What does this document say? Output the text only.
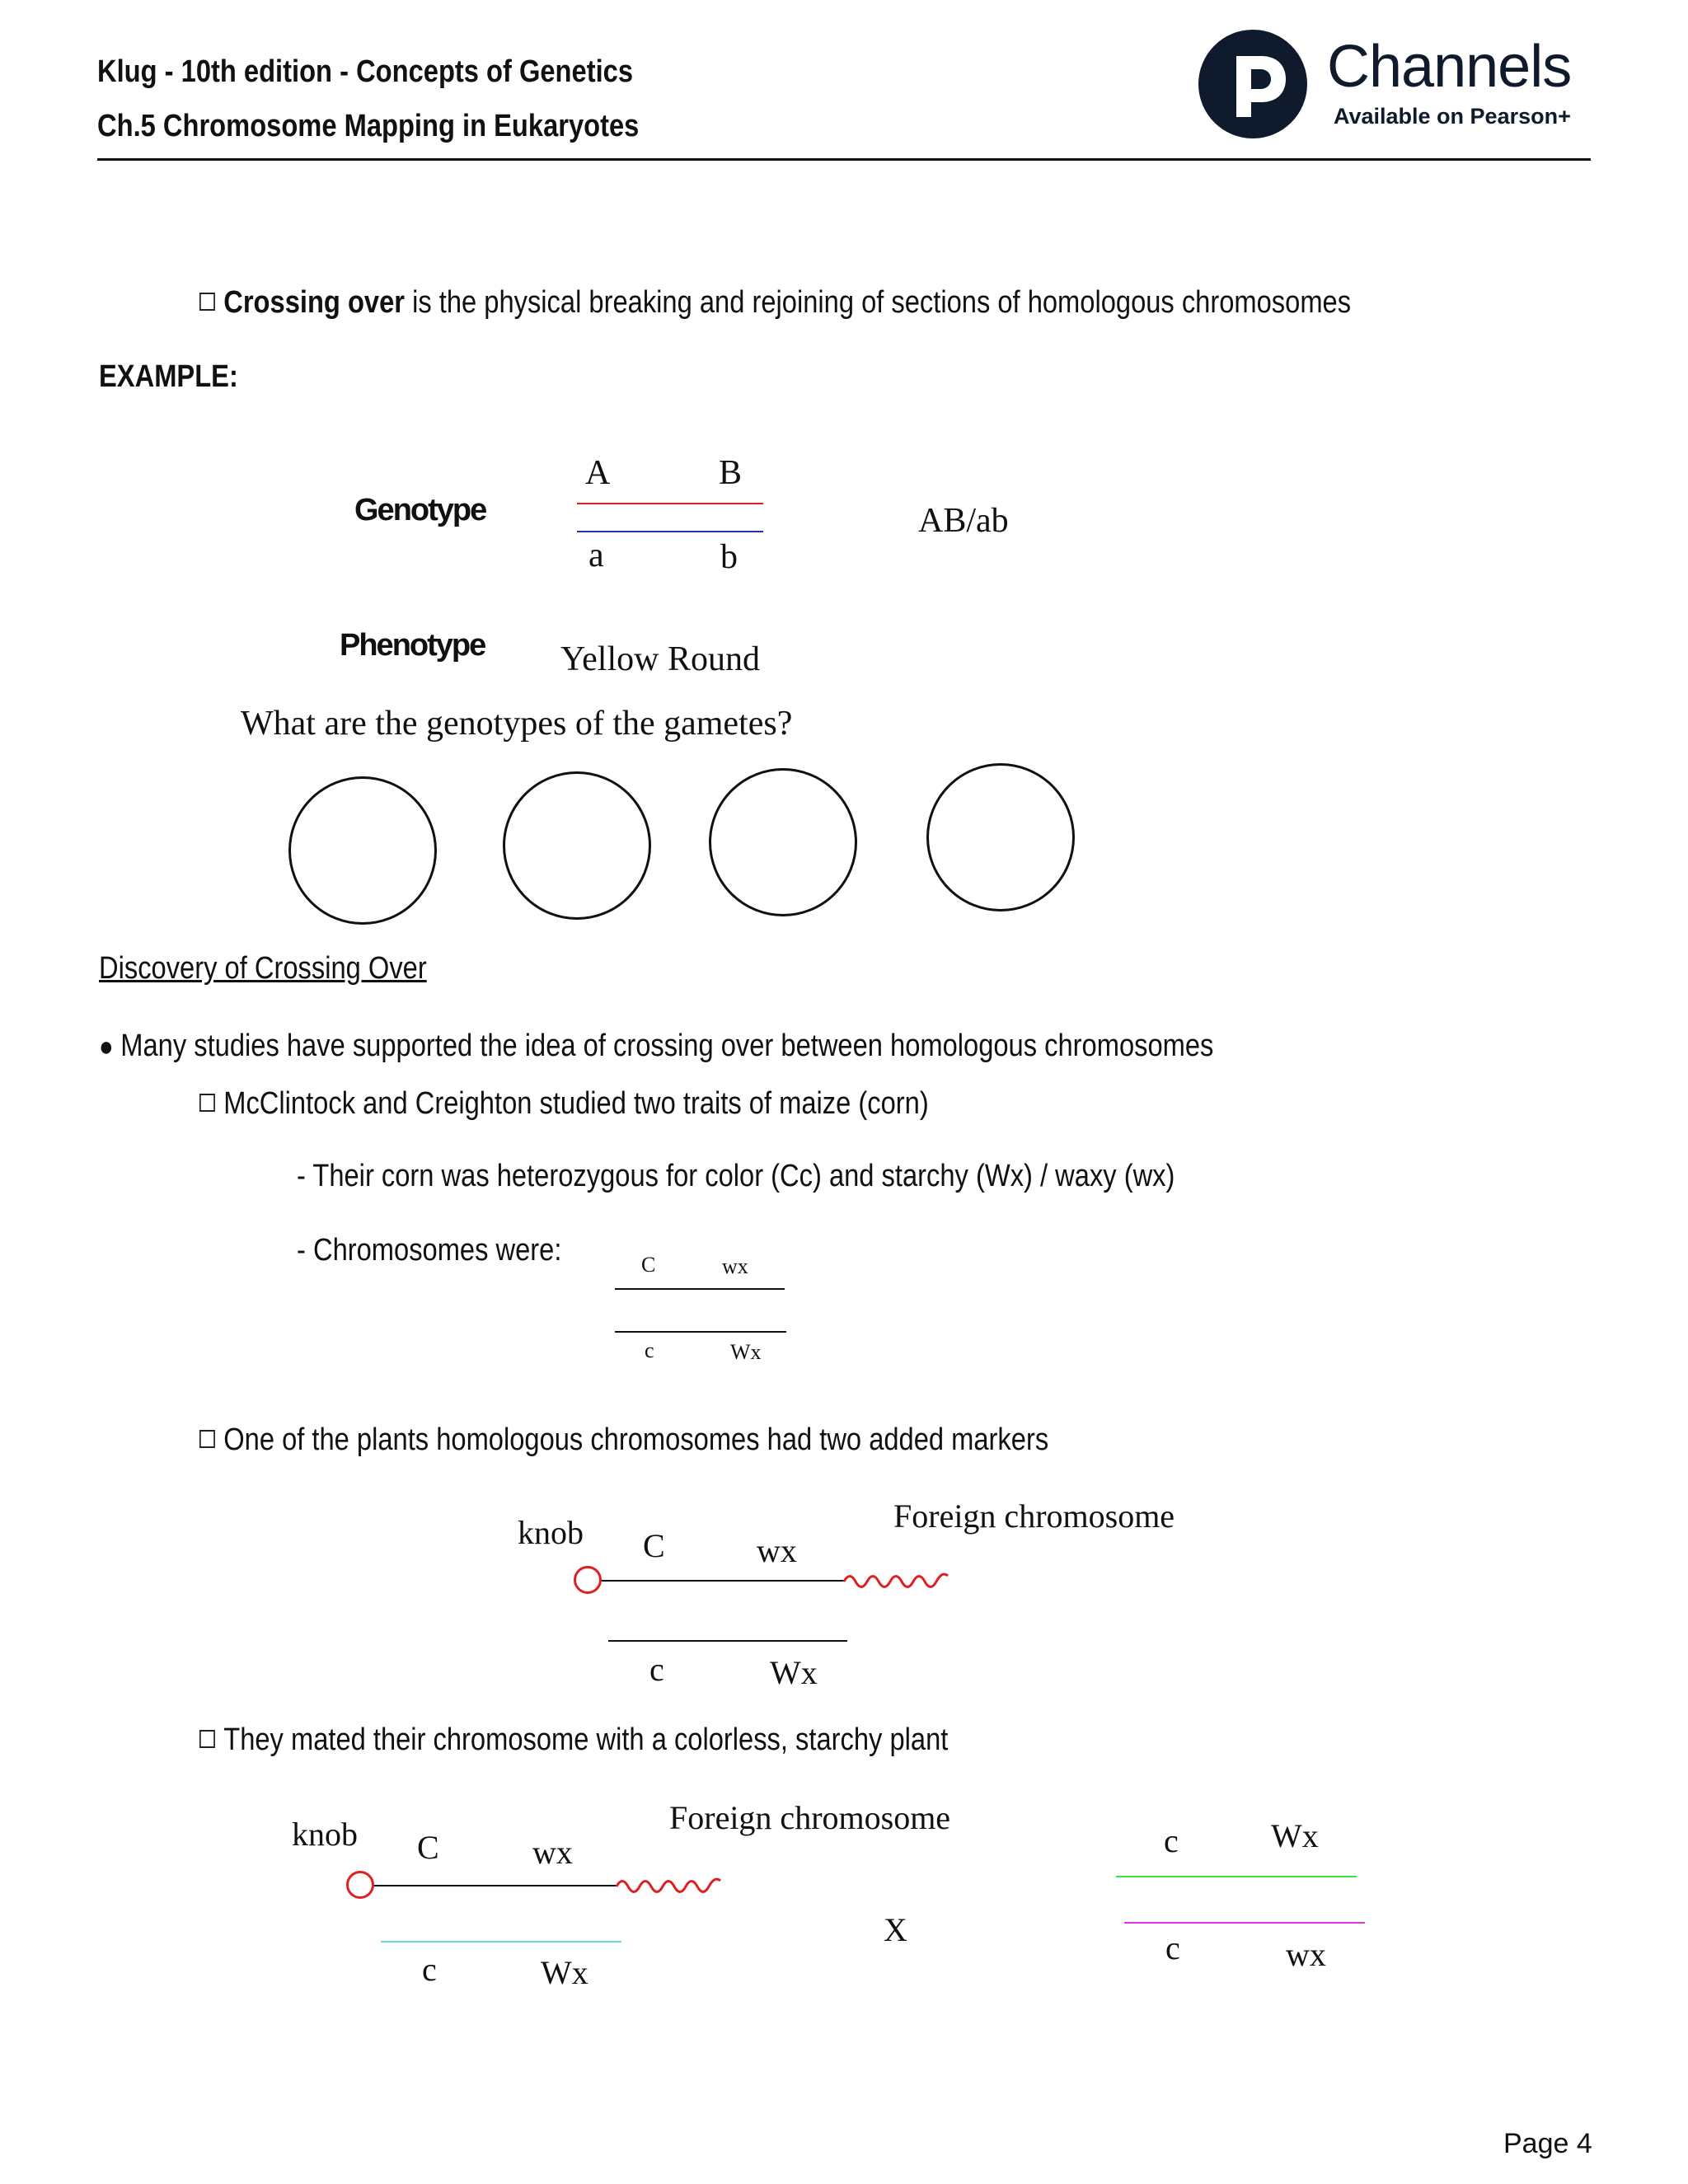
Klug - 10th edition - Concepts of Genetics
Ch.5 Chromosome Mapping in Eukaryotes
Channels
Available on Pearson+
Crossing over is the physical breaking and rejoining of sections of homologous chromosomes
EXAMPLE:
Genotype
A	B
a	b
AB/ab
Phenotype Yellow Round
What are the genotypes of the gametes?
Discovery of Crossing Over
● Many studies have supported the idea of crossing over between homologous chromosomes
McClintock and Creighton studied two traits of maize (corn)
- Their corn was heterozygous for color (Cc) and starchy (Wx) / waxy (wx)
- Chromosomes were:	C	wx
c	Wx
One of the plants homologous chromosomes had two added markers
knob C	wx
Foreign chromosome
c	Wx
They mated their chromosome with a colorless, starchy plant
knob C	wx
Foreign chromosome
c	Wx
X
c	Wx
c	wx
Page 4
